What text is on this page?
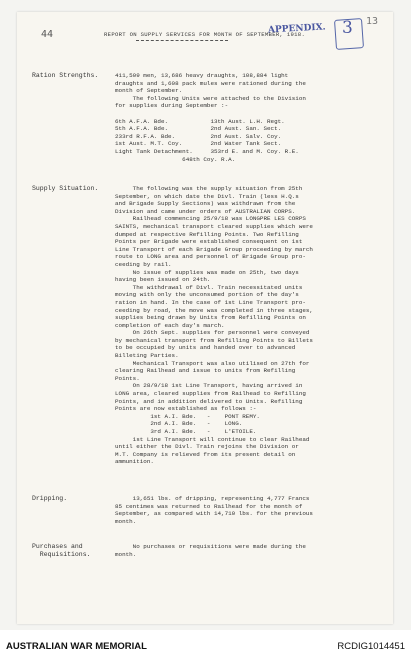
44
13
REPORT ON SUPPLY SERVICES FOR MONTH OF SEPTEMBER, 1918.
APPENDIX. 3
Ration Strengths.	411,509 men, 13,686 heavy draughts, 108,884 light
draughts and 1,608 pack mules were rationed during the
month of September.
The following Units were attached to the Division
for supplies during September :-

6th A.F.A. Bde.            13th Aust. L.H. Regt.
5th A.F.A. Bde.            2nd Aust. San. Sect.
233rd R.F.A. Bde.          2nd Aust. Salv. Coy.
1st Aust. M.T. Coy.        2nd Water Tank Sect.
Light Tank Detachment.     353rd E. and M. Coy. R.E.
648th Coy. R.A.
Supply Situation.	The following was the supply situation from 25th
September, on which date the Divl. Train (less H.Q.s
and Brigade Supply Sections) was withdrawn from the
Division and came under orders of AUSTRALIAN CORPS.
Railhead commencing 25/9/18 was LONGPRE LES CORPS
SAINTS, mechanical transport cleared supplies which were
dumped at respective Refilling Points. Two Refilling
Points per Brigade were established consequent on 1st
Line Transport of each Brigade Group proceeding by march
route to LONG area and personnel of Brigade Group pro-
ceeding by rail.
No issue of supplies was made on 25th, two days
having been issued on 24th.
The withdrawal of Divl. Train necessitated units
moving with only the unconsumed portion of the day's
ration in hand. In the case of 1st Line Transport pro-
ceeding by road, the move was completed in three stages,
supplies being drawn by Units from Refilling Points on
completion of each day's march.
On 26th Sept. supplies for personnel were conveyed
by mechanical transport from Refilling Points to Billets
to be occupied by units and handed over to advanced
Billeting Parties.
Mechanical Transport was also utilised on 27th for
clearing Railhead and issue to units from Refilling
Points.
On 28/9/18 1st Line Transport, having arrived in
LONG area, cleared supplies from Railhead to Refilling
Points, and in addition delivered to Units. Refilling
Points are now established as follows :-
1st A.I. Bde.   -    PONT REMY.
2nd A.I. Bde.   -    LONG.
3rd A.I. Bde.   -    L'ETOILE.
1st Line Transport will continue to clear Railhead
until either the Divl. Train rejoins the Division or
M.T. Company is relieved from its present detail on
ammunition.
Dripping.	13,651 lbs. of dripping, representing 4,777 Francs
85 centimes was returned to Railhead for the month of
September, as compared with 14,710 lbs. for the previous
month.
Purchases and
Requisitions.
No purchases or requisitions were made during the
month.
AUSTRALIAN WAR MEMORIAL	RCDIG1014451
